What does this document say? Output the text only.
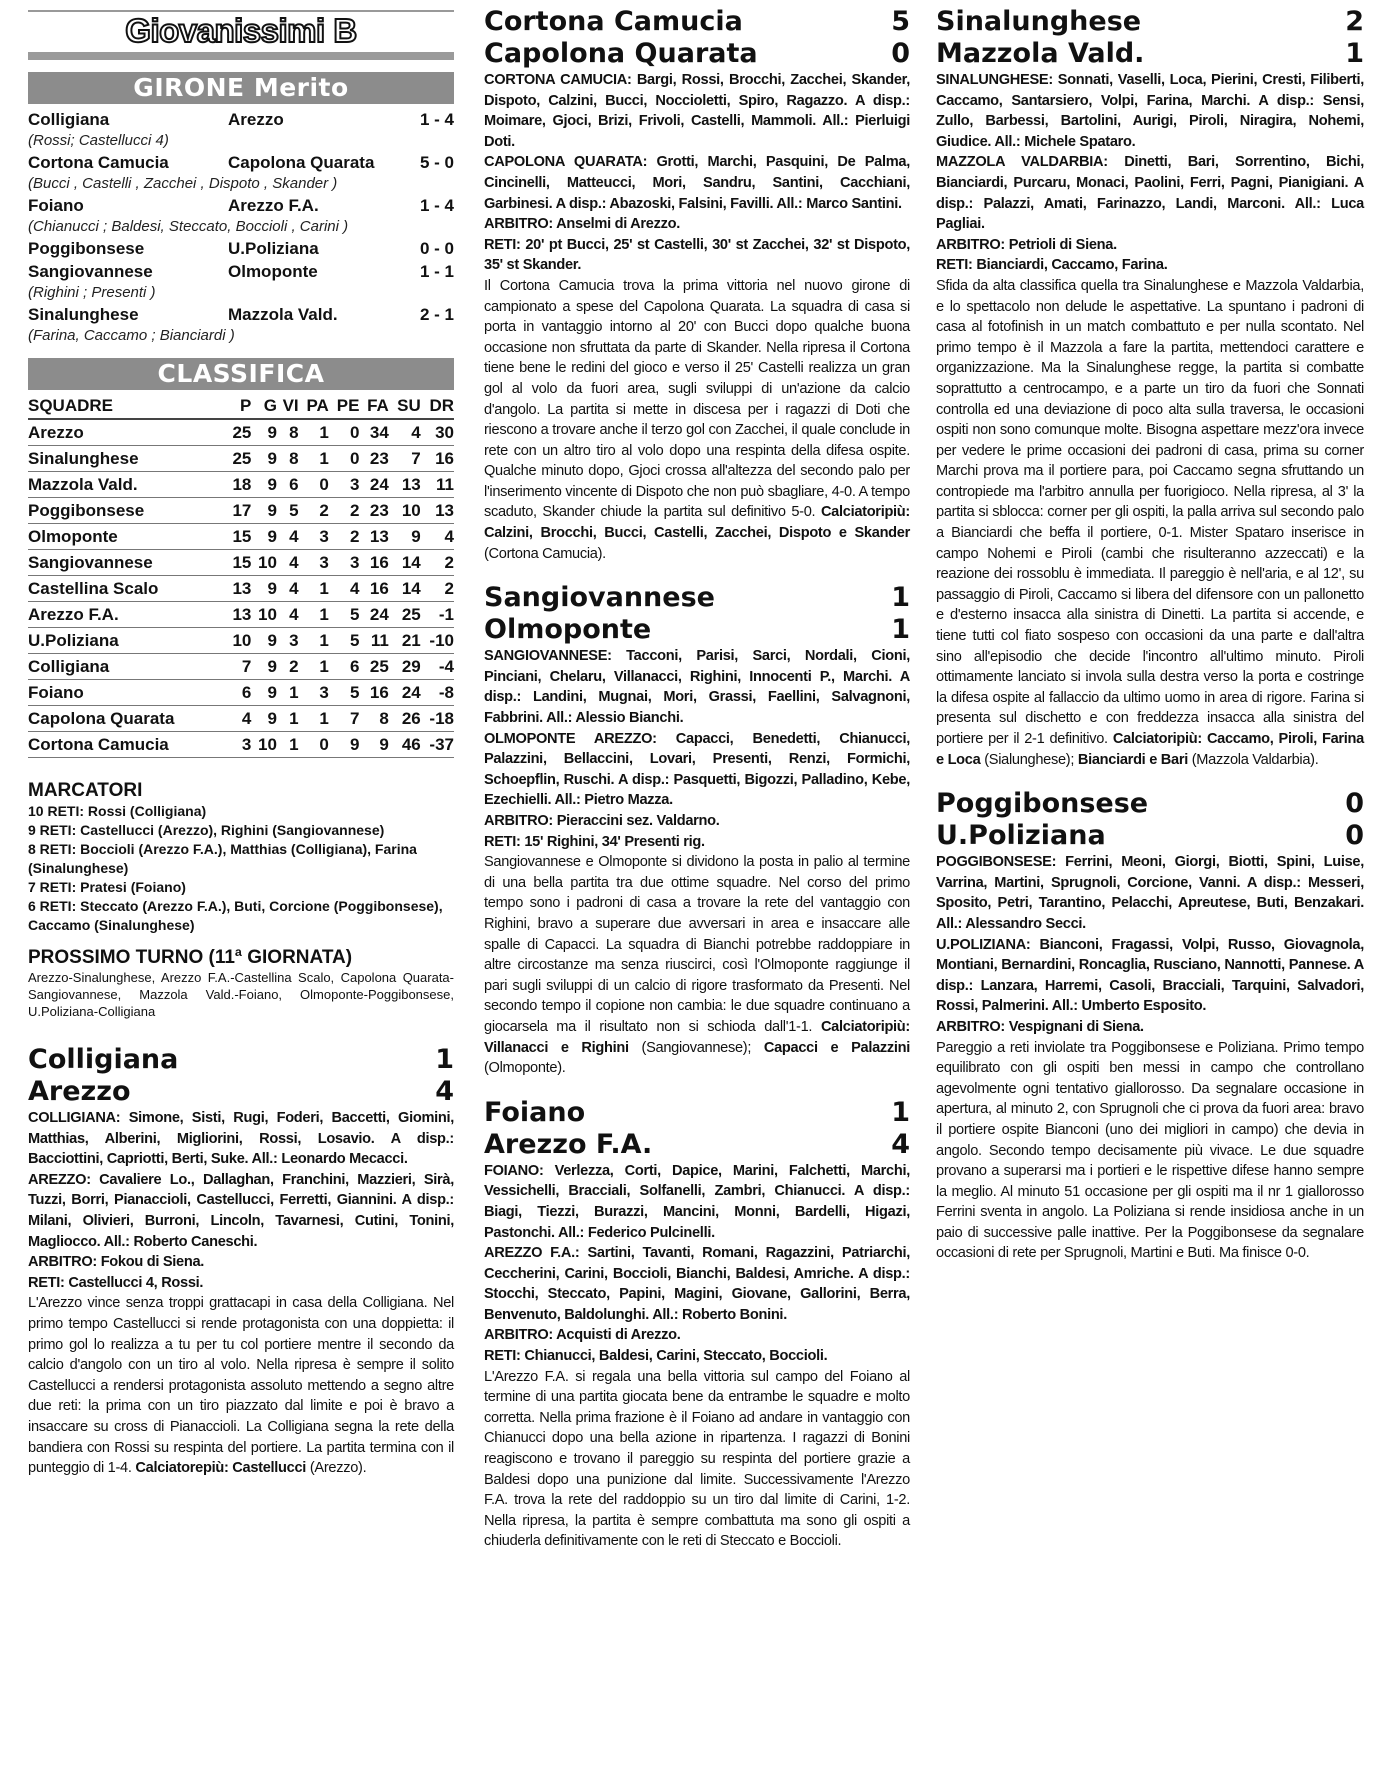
Giovanissimi B
GIRONE Merito
Colligiana	Arezzo	1 - 4
(Rossi; Castellucci 4)
Cortona Camucia	Capolona Quarata	5 - 0
(Bucci , Castelli , Zacchei , Dispoto , Skander )
Foiano	Arezzo F.A.	1 - 4
(Chianucci ; Baldesi, Steccato, Boccioli , Carini )
Poggibonsese	U.Poliziana	0 - 0
Sangiovannese	Olmoponte	1 - 1
(Righini ; Presenti )
Sinalunghese	Mazzola Vald.	2 - 1
(Farina, Caccamo ; Bianciardi )
CLASSIFICA
SQUADRE	P	G	VI	PA	PE	FA	SU	DR
Arezzo	25	9	8	1	0	34	4	30
Sinalunghese	25	9	8	1	0	23	7	16
Mazzola Vald.	18	9	6	0	3	24	13	11
Poggibonsese	17	9	5	2	2	23	10	13
Olmoponte	15	9	4	3	2	13	9	4
Sangiovannese	15	10	4	3	3	16	14	2
Castellina Scalo	13	9	4	1	4	16	14	2
Arezzo F.A.	13	10	4	1	5	24	25	-1
U.Poliziana	10	9	3	1	5	11	21	-10
Colligiana	7	9	2	1	6	25	29	-4
Foiano	6	9	1	3	5	16	24	-8
Capolona Quarata	4	9	1	1	7	8	26	-18
Cortona Camucia	3	10	1	0	9	9	46	-37
MARCATORI
10 RETI: Rossi (Colligiana)
9 RETI: Castellucci (Arezzo), Righini (Sangiovannese)
8 RETI: Boccioli (Arezzo F.A.), Matthias (Colligiana), Farina (Sinalunghese)
7 RETI: Pratesi (Foiano)
6 RETI: Steccato (Arezzo F.A.), Buti, Corcione (Poggibonsese), Caccamo (Sinalunghese)
PROSSIMO TURNO (11ª GIORNATA)
Arezzo-Sinalunghese, Arezzo F.A.-Castellina Scalo, Capolona Quarata-Sangiovannese, Mazzola Vald.-Foiano, Olmoponte-Poggibonsese, U.Poliziana-Colligiana
Colligiana	1
Arezzo	4
COLLIGIANA: Simone, Sisti, Rugi, Foderi, Baccetti, Giomini, Matthias, Alberini, Migliorini, Rossi, Losavio. A disp.: Bacciottini, Capriotti, Berti, Suke. All.: Leonardo Mecacci.
AREZZO: Cavaliere Lo., Dallaghan, Franchini, Mazzieri, Sirà, Tuzzi, Borri, Pianaccioli, Castellucci, Ferretti, Giannini. A disp.: Milani, Olivieri, Burroni, Lincoln, Tavarnesi, Cutini, Tonini, Magliocco. All.: Roberto Caneschi.
ARBITRO: Fokou di Siena.
RETI: Castellucci 4, Rossi.
L'Arezzo vince senza troppi grattacapi in casa della Colligiana. Nel primo tempo Castellucci si rende protagonista con una doppietta: il primo gol lo realizza a tu per tu col portiere mentre il secondo da calcio d'angolo con un tiro al volo. Nella ripresa è sempre il solito Castellucci a rendersi protagonista assoluto mettendo a segno altre due reti: la prima con un tiro piazzato dal limite e poi è bravo a insaccare su cross di Pianaccioli. La Colligiana segna la rete della bandiera con Rossi su respinta del portiere. La partita termina con il punteggio di 1-4. Calciatorepiù: Castellucci (Arezzo).
Cortona Camucia	5
Capolona Quarata	0
CORTONA CAMUCIA: Bargi, Rossi, Brocchi, Zacchei, Skander, Dispoto, Calzini, Bucci, Noccioletti, Spiro, Ragazzo. A disp.: Moimare, Gjoci, Brizi, Frivoli, Castelli, Mammoli. All.: Pierluigi Doti.
CAPOLONA QUARATA: Grotti, Marchi, Pasquini, De Palma, Cincinelli, Matteucci, Mori, Sandru, Santini, Cacchiani, Garbinesi. A disp.: Abazoski, Falsini, Favilli. All.: Marco Santini.
ARBITRO: Anselmi di Arezzo.
RETI: 20' pt Bucci, 25' st Castelli, 30' st Zacchei, 32' st Dispoto, 35' st Skander.
Il Cortona Camucia trova la prima vittoria nel nuovo girone di campionato a spese del Capolona Quarata. La squadra di casa si porta in vantaggio intorno al 20' con Bucci dopo qualche buona occasione non sfruttata da parte di Skander. Nella ripresa il Cortona tiene bene le redini del gioco e verso il 25' Castelli realizza un gran gol al volo da fuori area, sugli sviluppi di un'azione da calcio d'angolo. La partita si mette in discesa per i ragazzi di Doti che riescono a trovare anche il terzo gol con Zacchei, il quale conclude in rete con un altro tiro al volo dopo una respinta della difesa ospite. Qualche minuto dopo, Gjoci crossa all'altezza del secondo palo per l'inserimento vincente di Dispoto che non può sbagliare, 4-0. A tempo scaduto, Skander chiude la partita sul definitivo 5-0. Calciatoripiù: Calzini, Brocchi, Bucci, Castelli, Zacchei, Dispoto e Skander (Cortona Camucia).
Sangiovannese	1
Olmoponte	1
SANGIOVANNESE: Tacconi, Parisi, Sarci, Nordali, Cioni, Pinciani, Chelaru, Villanacci, Righini, Innocenti P., Marchi. A disp.: Landini, Mugnai, Mori, Grassi, Faellini, Salvagnoni, Fabbrini. All.: Alessio Bianchi.
OLMOPONTE AREZZO: Capacci, Benedetti, Chianucci, Palazzini, Bellaccini, Lovari, Presenti, Renzi, Formichi, Schoepflin, Ruschi. A disp.: Pasquetti, Bigozzi, Palladino, Kebe, Ezechielli. All.: Pietro Mazza.
ARBITRO: Pieraccini sez. Valdarno.
RETI: 15' Righini, 34' Presenti rig.
Sangiovannese e Olmoponte si dividono la posta in palio al termine di una bella partita tra due ottime squadre. Nel corso del primo tempo sono i padroni di casa a trovare la rete del vantaggio con Righini, bravo a superare due avversari in area e insaccare alle spalle di Capacci. La squadra di Bianchi potrebbe raddoppiare in altre circostanze ma senza riuscirci, così l'Olmoponte raggiunge il pari sugli sviluppi di un calcio di rigore trasformato da Presenti. Nel secondo tempo il copione non cambia: le due squadre continuano a giocarsela ma il risultato non si schioda dall'1-1. Calciatoripiù: Villanacci e Righini (Sangiovannese); Capacci e Palazzini (Olmoponte).
Foiano	1
Arezzo F.A.	4
FOIANO: Verlezza, Corti, Dapice, Marini, Falchetti, Marchi, Vessichelli, Bracciali, Solfanelli, Zambri, Chianucci. A disp.: Biagi, Tiezzi, Burazzi, Mancini, Monni, Bardelli, Higazi, Pastonchi. All.: Federico Pulcinelli.
AREZZO F.A.: Sartini, Tavanti, Romani, Ragazzini, Patriarchi, Ceccherini, Carini, Boccioli, Bianchi, Baldesi, Amriche. A disp.: Stocchi, Steccato, Papini, Magini, Giovane, Gallorini, Berra, Benvenuto, Baldolunghi. All.: Roberto Bonini.
ARBITRO: Acquisti di Arezzo.
RETI: Chianucci, Baldesi, Carini, Steccato, Boccioli.
L'Arezzo F.A. si regala una bella vittoria sul campo del Foiano al termine di una partita giocata bene da entrambe le squadre e molto corretta. Nella prima frazione è il Foiano ad andare in vantaggio con Chianucci dopo una bella azione in ripartenza. I ragazzi di Bonini reagiscono e trovano il pareggio su respinta del portiere grazie a Baldesi dopo una punizione dal limite. Successivamente l'Arezzo F.A. trova la rete del raddoppio su un tiro dal limite di Carini, 1-2. Nella ripresa, la partita è sempre combattuta ma sono gli ospiti a chiuderla definitivamente con le reti di Steccato e Boccioli.
Sinalunghese	2
Mazzola Vald.	1
SINALUNGHESE: Sonnati, Vaselli, Loca, Pierini, Cresti, Filiberti, Caccamo, Santarsiero, Volpi, Farina, Marchi. A disp.: Sensi, Zullo, Barbessi, Bartolini, Aurigi, Piroli, Niragira, Nohemi, Giudice. All.: Michele Spataro.
MAZZOLA VALDARBIA: Dinetti, Bari, Sorrentino, Bichi, Bianciardi, Purcaru, Monaci, Paolini, Ferri, Pagni, Pianigiani. A disp.: Palazzi, Amati, Farinazzo, Landi, Marconi. All.: Luca Pagliai.
ARBITRO: Petrioli di Siena.
RETI: Bianciardi, Caccamo, Farina.
Sfida da alta classifica quella tra Sinalunghese e Mazzola Valdarbia, e lo spettacolo non delude le aspettative. La spuntano i padroni di casa al fotofinish in un match combattuto e per nulla scontato. Nel primo tempo è il Mazzola a fare la partita, mettendoci carattere e organizzazione. Ma la Sinalunghese regge, la partita si combatte soprattutto a centrocampo, e a parte un tiro da fuori che Sonnati controlla ed una deviazione di poco alta sulla traversa, le occasioni ospiti non sono comunque molte. Bisogna aspettare mezz'ora invece per vedere le prime occasioni dei padroni di casa, prima su corner Marchi prova ma il portiere para, poi Caccamo segna sfruttando un contropiede ma l'arbitro annulla per fuorigioco. Nella ripresa, al 3' la partita si sblocca: corner per gli ospiti, la palla arriva sul secondo palo a Bianciardi che beffa il portiere, 0-1. Mister Spataro inserisce in campo Nohemi e Piroli (cambi che risulteranno azzeccati) e la reazione dei rossoblu è immediata. Il pareggio è nell'aria, e al 12', su passaggio di Piroli, Caccamo si libera del difensore con un pallonetto e d'esterno insacca alla sinistra di Dinetti. La partita si accende, e tiene tutti col fiato sospeso con occasioni da una parte e dall'altra sino all'episodio che decide l'incontro all'ultimo minuto. Piroli ottimamente lanciato si invola sulla destra verso la porta e costringe la difesa ospite al fallaccio da ultimo uomo in area di rigore. Farina si presenta sul dischetto e con freddezza insacca alla sinistra del portiere per il 2-1 definitivo. Calciatoripiù: Caccamo, Piroli, Farina e Loca (Sialunghese); Bianciardi e Bari (Mazzola Valdarbia).
Poggibonsese	0
U.Poliziana	0
POGGIBONSESE: Ferrini, Meoni, Giorgi, Biotti, Spini, Luise, Varrina, Martini, Sprugnoli, Corcione, Vanni. A disp.: Messeri, Sposito, Petri, Tarantino, Pelacchi, Apreutese, Buti, Benzakari. All.: Alessandro Secci.
U.POLIZIANA: Bianconi, Fragassi, Volpi, Russo, Giovagnola, Montiani, Bernardini, Roncaglia, Rusciano, Nannotti, Pannese. A disp.: Lanzara, Harremi, Casoli, Bracciali, Tarquini, Salvadori, Rossi, Palmerini. All.: Umberto Esposito.
ARBITRO: Vespignani di Siena.
Pareggio a reti inviolate tra Poggibonsese e Poliziana. Primo tempo equilibrato con gli ospiti ben messi in campo che controllano agevolmente ogni tentativo giallorosso. Da segnalare occasione in apertura, al minuto 2, con Sprugnoli che ci prova da fuori area: bravo il portiere ospite Bianconi (uno dei migliori in campo) che devia in angolo. Secondo tempo decisamente più vivace. Le due squadre provano a superarsi ma i portieri e le rispettive difese hanno sempre la meglio. Al minuto 51 occasione per gli ospiti ma il nr 1 giallorosso Ferrini sventa in angolo. La Poliziana si rende insidiosa anche in un paio di successive palle inattive. Per la Poggibonsese da segnalare occasioni di rete per Sprugnoli, Martini e Buti. Ma finisce 0-0.
